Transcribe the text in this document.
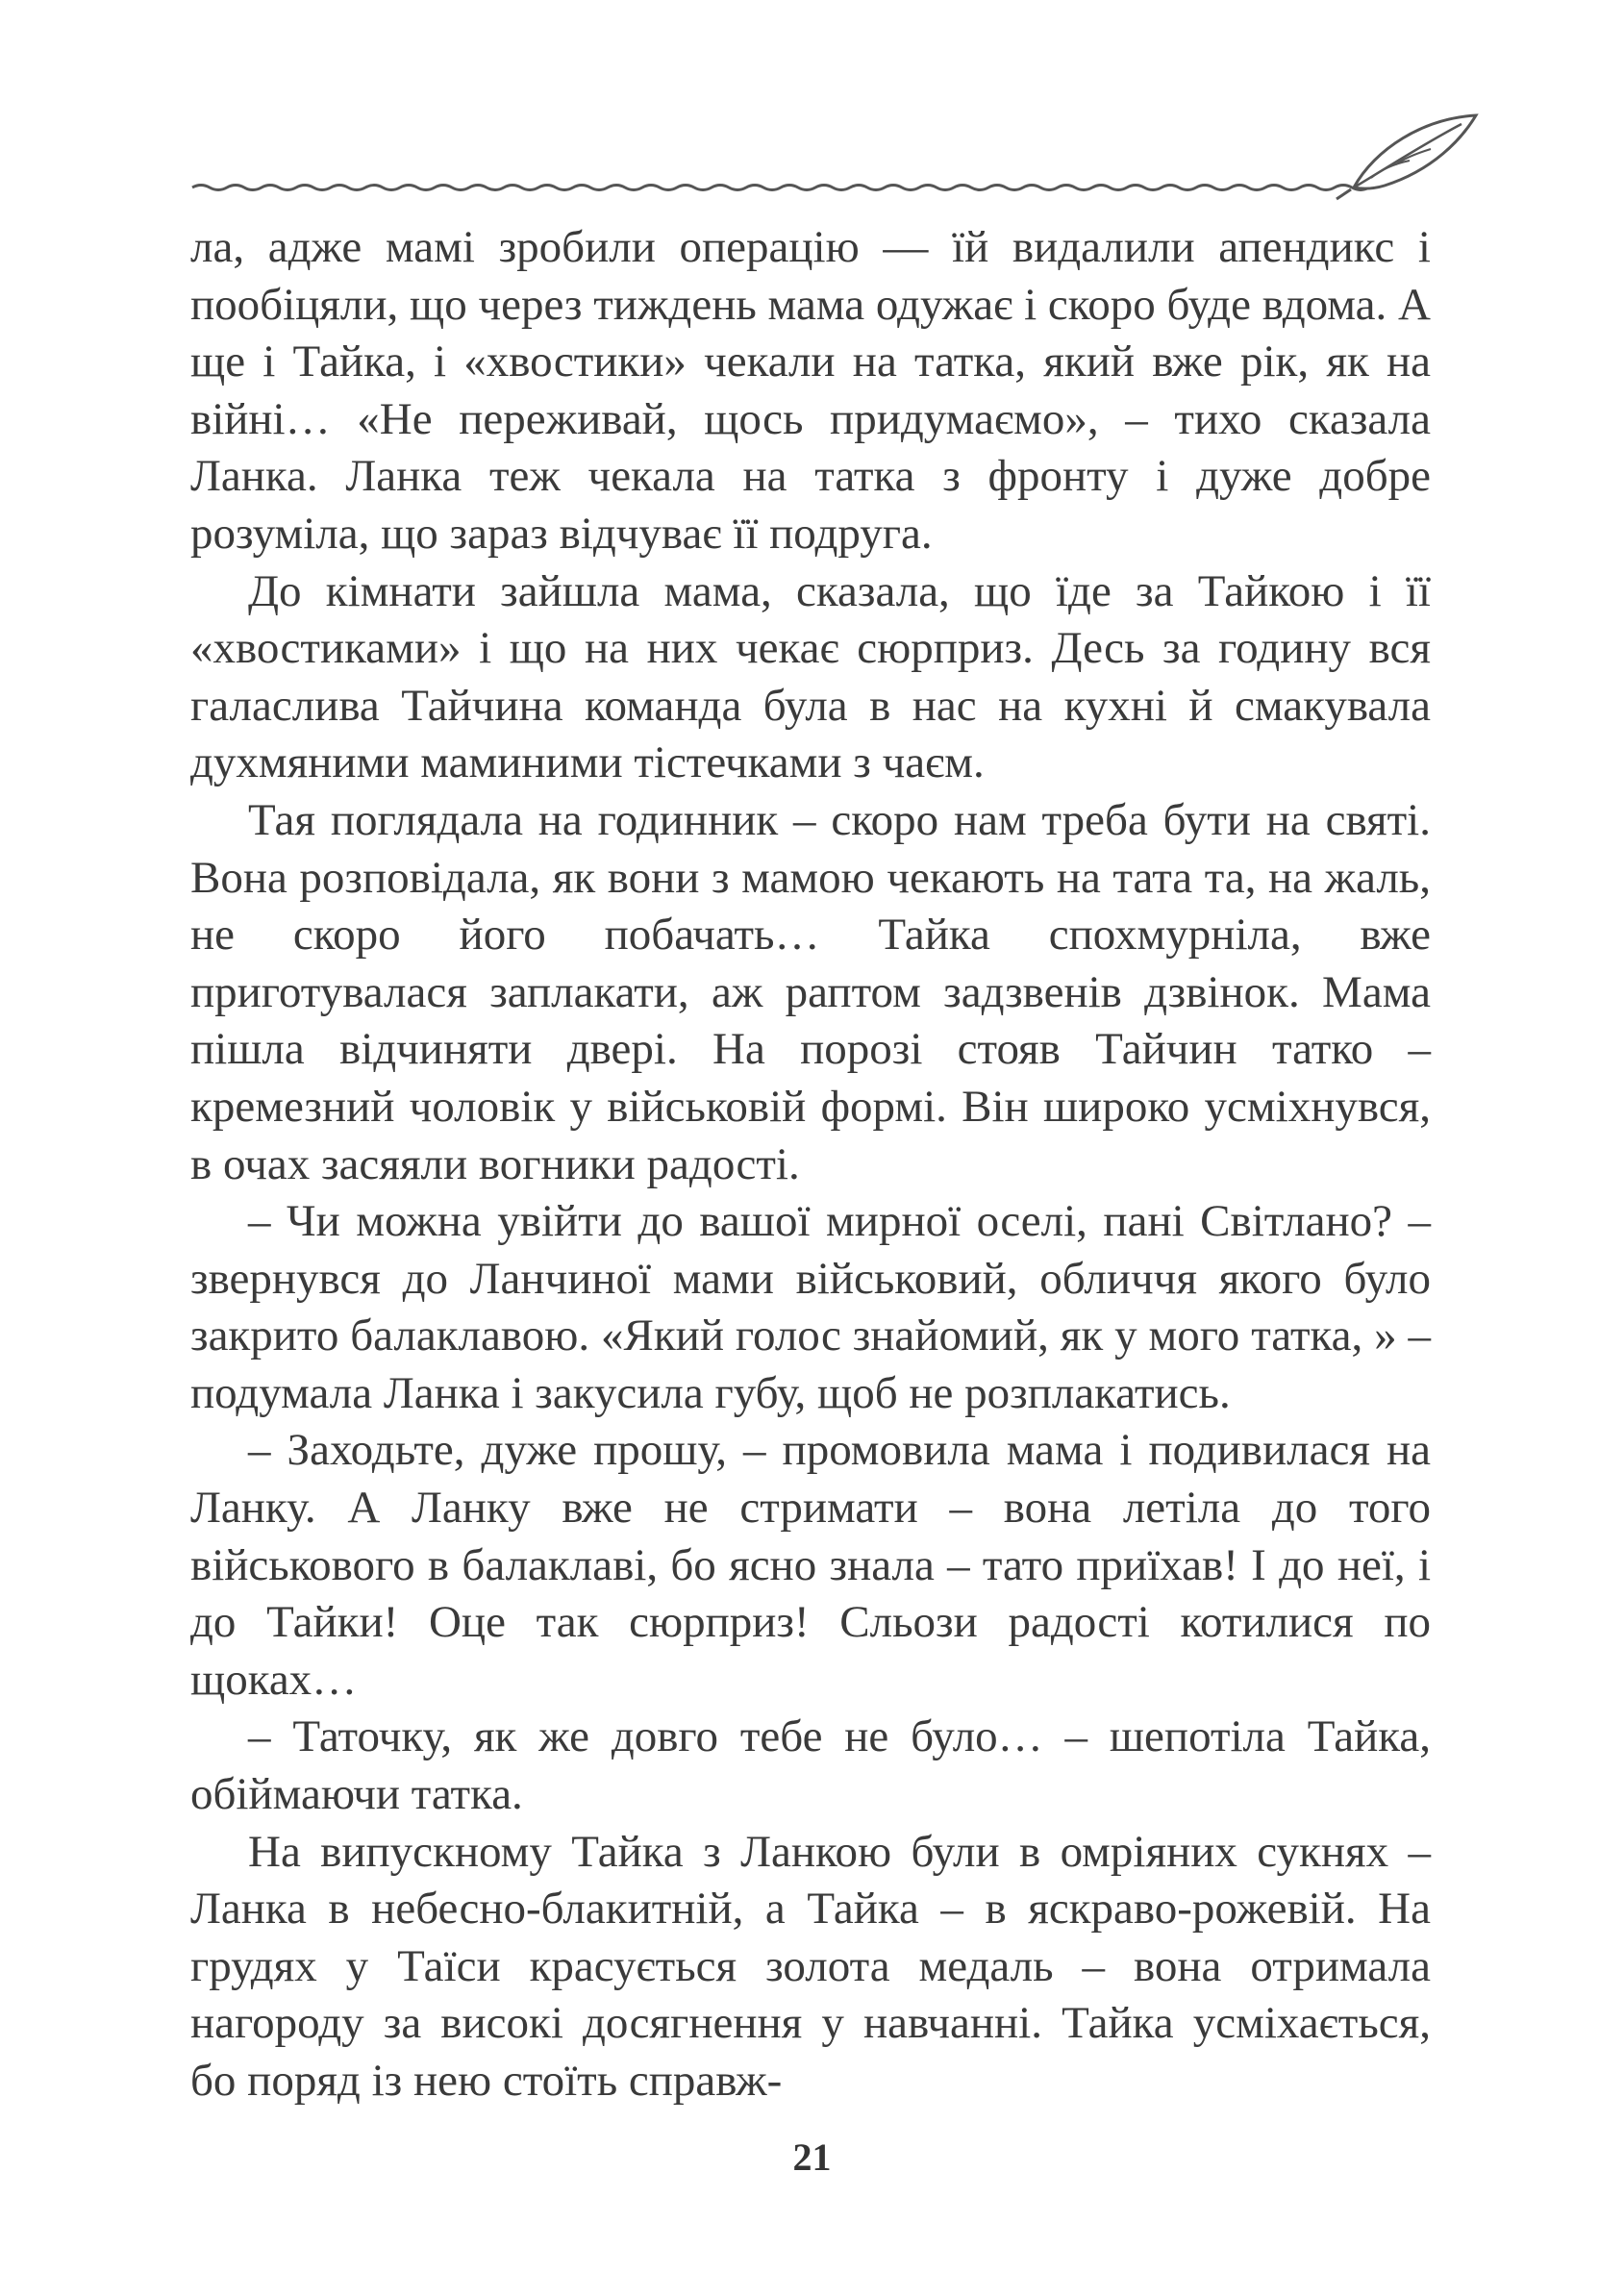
ла, адже мамі зробили операцію — їй видалили апендикс і пообіцяли, що через тиждень мама одужає і скоро буде вдома. А ще і Тайка, і «хвостики» чекали на татка, який вже рік, як на війні… «Не переживай, щось придумаємо», – тихо сказала Ланка. Ланка теж чекала на татка з фронту і дуже добре розуміла, що зараз відчуває її подруга.

До кімнати зайшла мама, сказала, що їде за Тайкою і її «хвостиками» і що на них чекає сюрприз. Десь за годину вся галаслива Тайчина команда була в нас на кухні й смакувала духмяними маминими тістечками з чаєм.

Тая поглядала на годинник – скоро нам треба бути на святі. Вона розповідала, як вони з мамою чекають на тата та, на жаль, не скоро його побачать… Тайка спохмурніла, вже приготувалася заплакати, аж раптом задзвенів дзвінок. Мама пішла відчиняти двері. На порозі стояв Тайчин татко – кремезний чоловік у військовій формі. Він широко усміхнувся, в очах засяяли вогники радості.

– Чи можна увійти до вашої мирної оселі, пані Світлано? – звернувся до Ланчиної мами військовий, обличчя якого було закрито балаклавою. «Який голос знайомий, як у мого татка, » – подумала Ланка і закусила губу, щоб не розплакатись.

– Заходьте, дуже прошу, – промовила мама і подивилася на Ланку. А Ланку вже не стримати – вона летіла до того військового в балаклаві, бо ясно знала – тато приїхав! І до неї, і до Тайки! Оце так сюрприз! Сльози радості котилися по щоках…

– Таточку, як же довго тебе не було… – шепотіла Тайка, обіймаючи татка.

На випускному Тайка з Ланкою були в омріяних сукнях – Ланка в небесно-блакитній, а Тайка – в яскраво-рожевій. На грудях у Таїси красується золота медаль – вона отримала нагороду за високі досягнення у навчанні. Тайка усміхається, бо поряд із нею стоїть справж-

21
